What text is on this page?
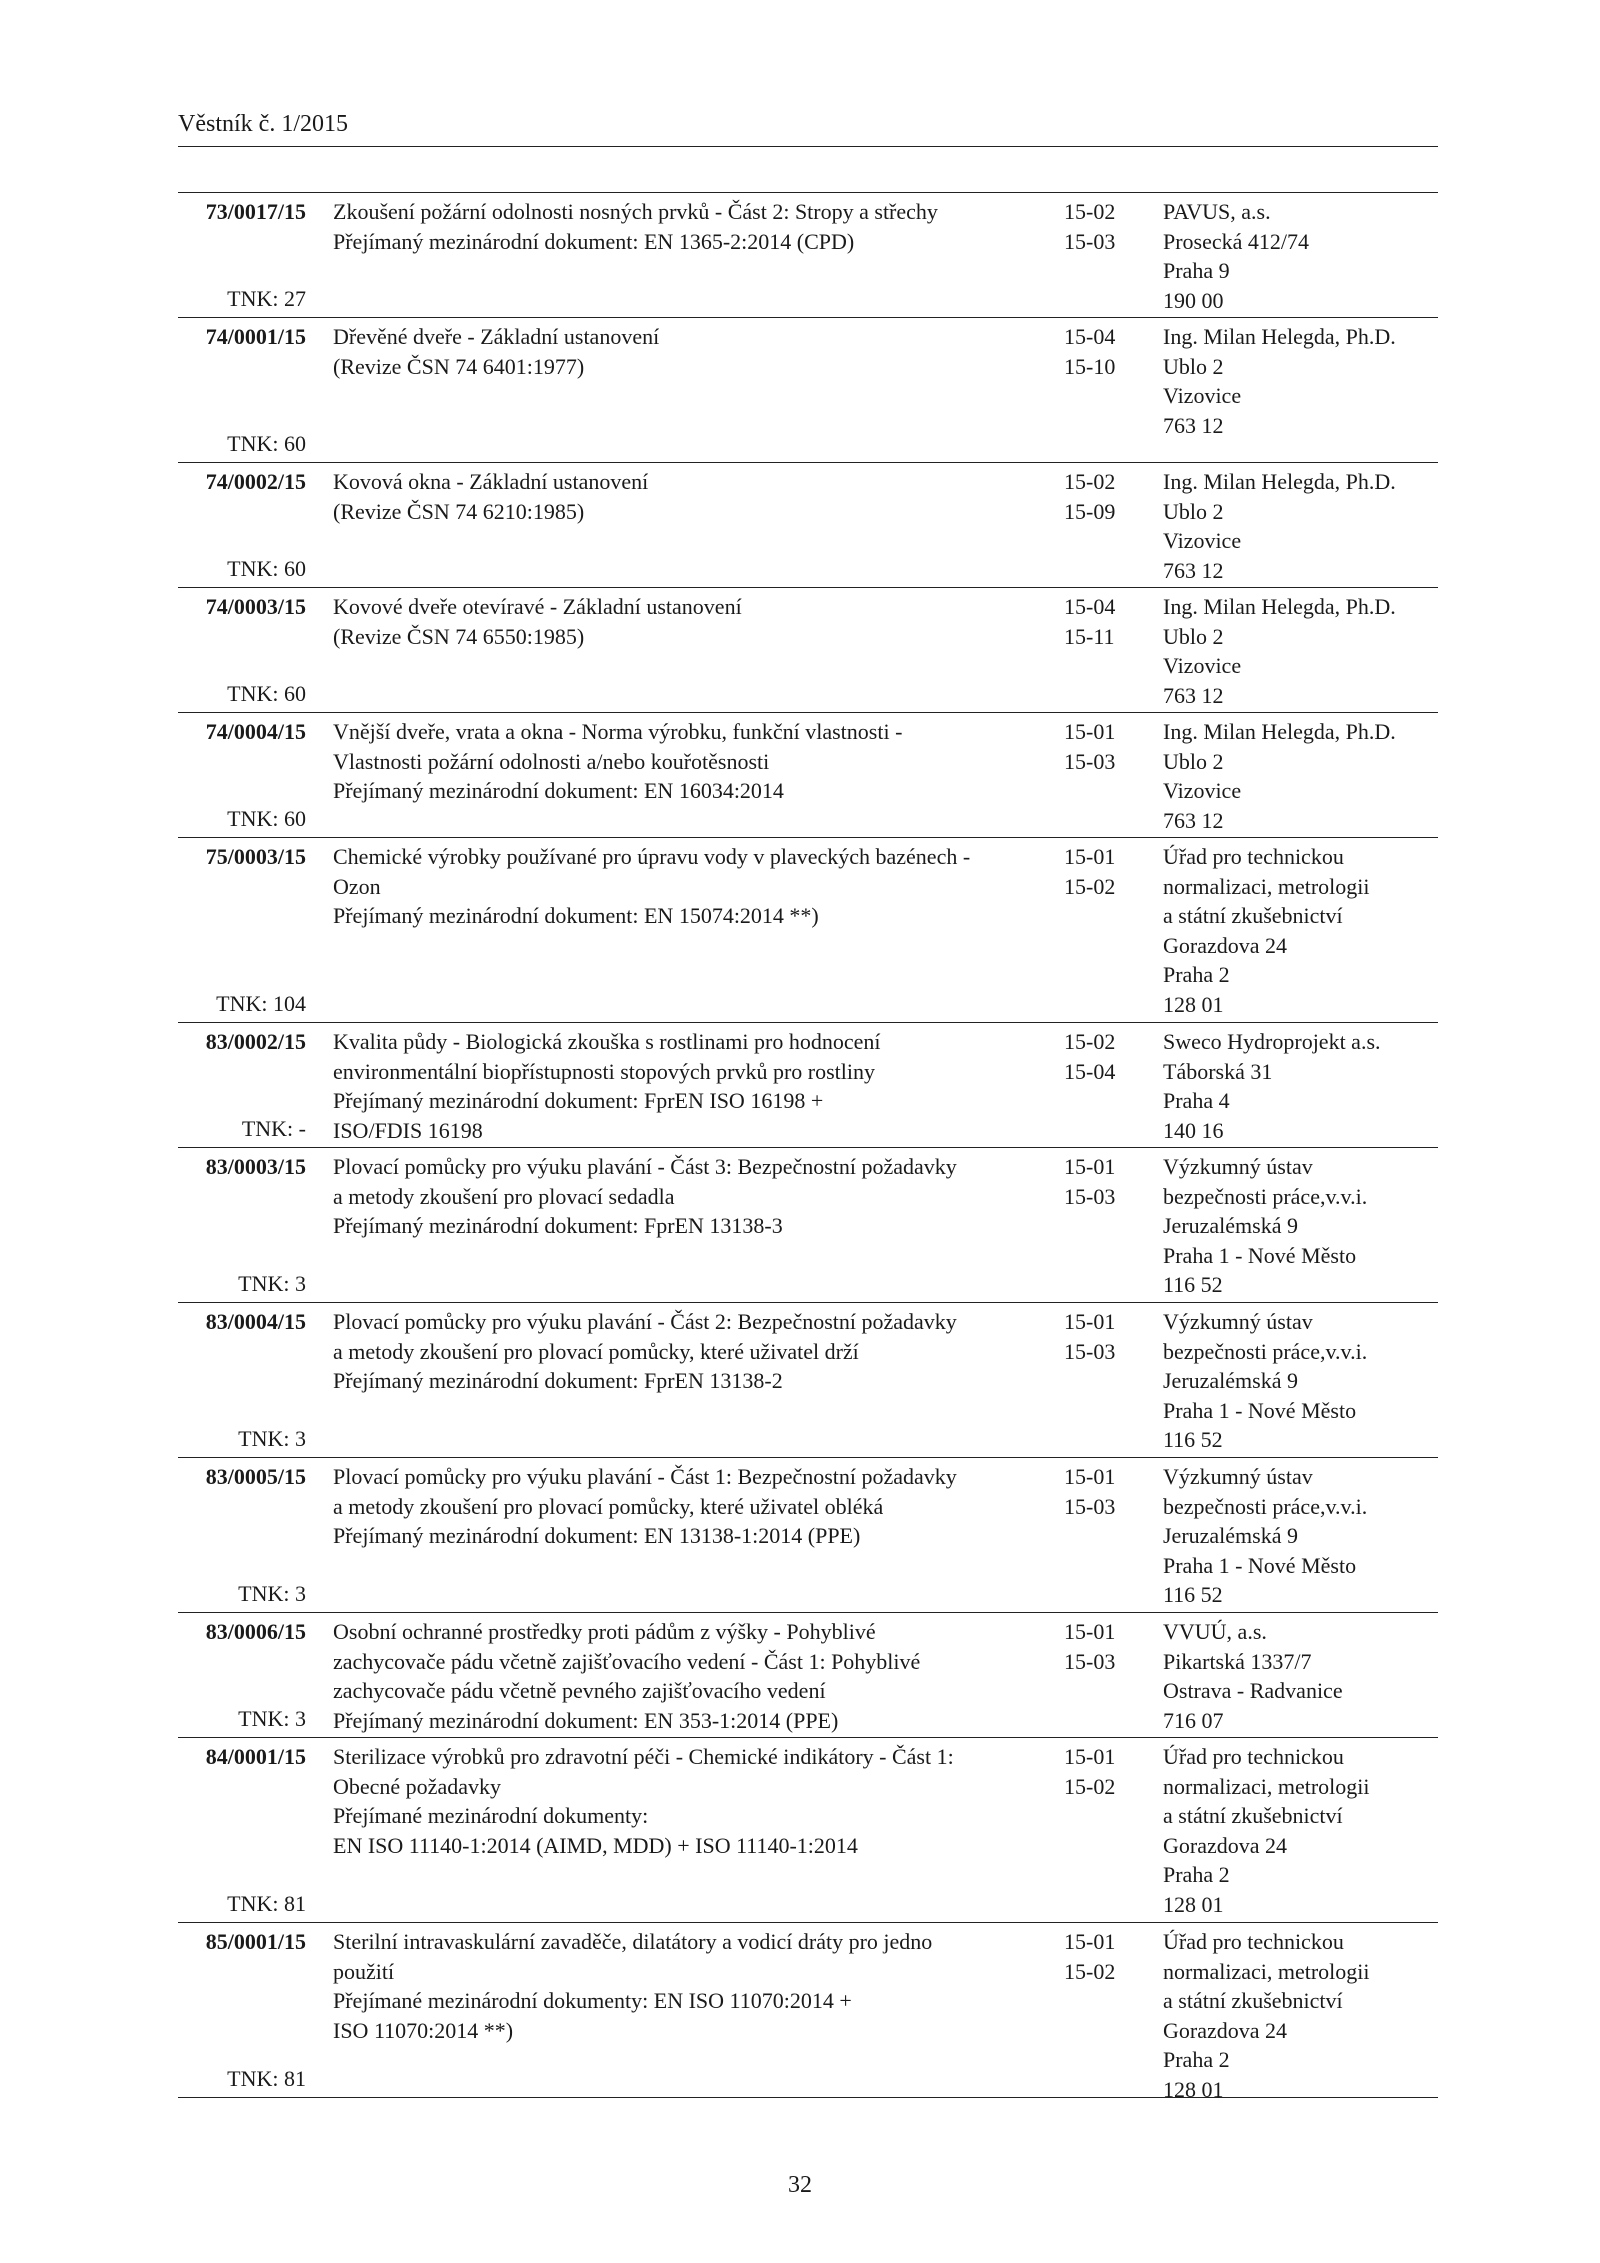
Věstník č. 1/2015
73/0017/15
TNK: 27
Zkoušení požární odolnosti nosných prvků - Část 2: Stropy a střechy
Přejímaný mezinárodní dokument: EN 1365-2:2014 (CPD)
15-02
15-03
PAVUS, a.s.
Prosecká 412/74
Praha 9
190 00
74/0001/15
TNK: 60
Dřevěné dveře - Základní ustanovení
(Revize ČSN 74 6401:1977)
15-04
15-10
Ing. Milan Helegda, Ph.D.
Ublo 2
Vizovice
763 12
74/0002/15
TNK: 60
Kovová okna - Základní ustanovení
(Revize ČSN 74 6210:1985)
15-02
15-09
Ing. Milan Helegda, Ph.D.
Ublo 2
Vizovice
763 12
74/0003/15
TNK: 60
Kovové dveře otevíravé - Základní ustanovení
(Revize ČSN 74 6550:1985)
15-04
15-11
Ing. Milan Helegda, Ph.D.
Ublo 2
Vizovice
763 12
74/0004/15
TNK: 60
Vnější dveře, vrata a okna - Norma výrobku, funkční vlastnosti -
Vlastnosti požární odolnosti a/nebo kouřotěsnosti
Přejímaný mezinárodní dokument: EN 16034:2014
15-01
15-03
Ing. Milan Helegda, Ph.D.
Ublo 2
Vizovice
763 12
75/0003/15
TNK: 104
Chemické výrobky používané pro úpravu vody v plaveckých bazénech -
Ozon
Přejímaný mezinárodní dokument: EN 15074:2014 **)
15-01
15-02
Úřad pro technickou
normalizaci, metrologii
a státní zkušebnictví
Gorazdova 24
Praha 2
128 01
83/0002/15
TNK: -
Kvalita půdy - Biologická zkouška s rostlinami pro hodnocení
environmentální biopřístupnosti stopových prvků pro rostliny
Přejímaný mezinárodní dokument: FprEN ISO 16198 +
ISO/FDIS 16198
15-02
15-04
Sweco Hydroprojekt a.s.
Táborská 31
Praha 4
140 16
83/0003/15
TNK: 3
Plovací pomůcky pro výuku plavání - Část 3: Bezpečnostní požadavky
a metody zkoušení pro plovací sedadla
Přejímaný mezinárodní dokument: FprEN 13138-3
15-01
15-03
Výzkumný ústav
bezpečnosti práce,v.v.i.
Jeruzalémská 9
Praha 1 - Nové Město
116 52
83/0004/15
TNK: 3
Plovací pomůcky pro výuku plavání - Část 2: Bezpečnostní požadavky
a metody zkoušení pro plovací pomůcky, které uživatel drží
Přejímaný mezinárodní dokument: FprEN 13138-2
15-01
15-03
Výzkumný ústav
bezpečnosti práce,v.v.i.
Jeruzalémská 9
Praha 1 - Nové Město
116 52
83/0005/15
TNK: 3
Plovací pomůcky pro výuku plavání - Část 1: Bezpečnostní požadavky
a metody zkoušení pro plovací pomůcky, které uživatel obléká
Přejímaný mezinárodní dokument: EN 13138-1:2014 (PPE)
15-01
15-03
Výzkumný ústav
bezpečnosti práce,v.v.i.
Jeruzalémská 9
Praha 1 - Nové Město
116 52
83/0006/15
TNK: 3
Osobní ochranné prostředky proti pádům z výšky - Pohyblivé
zachycovače pádu včetně zajišťovacího vedení - Část 1: Pohyblivé
zachycovače pádu včetně pevného zajišťovacího vedení
Přejímaný mezinárodní dokument: EN 353-1:2014 (PPE)
15-01
15-03
VVUÚ, a.s.
Pikartská 1337/7
Ostrava - Radvanice
716 07
84/0001/15
TNK: 81
Sterilizace výrobků pro zdravotní péči - Chemické indikátory - Část 1:
Obecné požadavky
Přejímané mezinárodní dokumenty:
EN ISO 11140-1:2014 (AIMD, MDD) + ISO 11140-1:2014
15-01
15-02
Úřad pro technickou
normalizaci, metrologii
a státní zkušebnictví
Gorazdova 24
Praha 2
128 01
85/0001/15
TNK: 81
Sterilní intravaskulární zavaděče, dilatátory a vodicí dráty pro jedno
použití
Přejímané mezinárodní dokumenty: EN ISO 11070:2014 +
ISO 11070:2014 **)
15-01
15-02
Úřad pro technickou
normalizaci, metrologii
a státní zkušebnictví
Gorazdova 24
Praha 2
128 01
32
